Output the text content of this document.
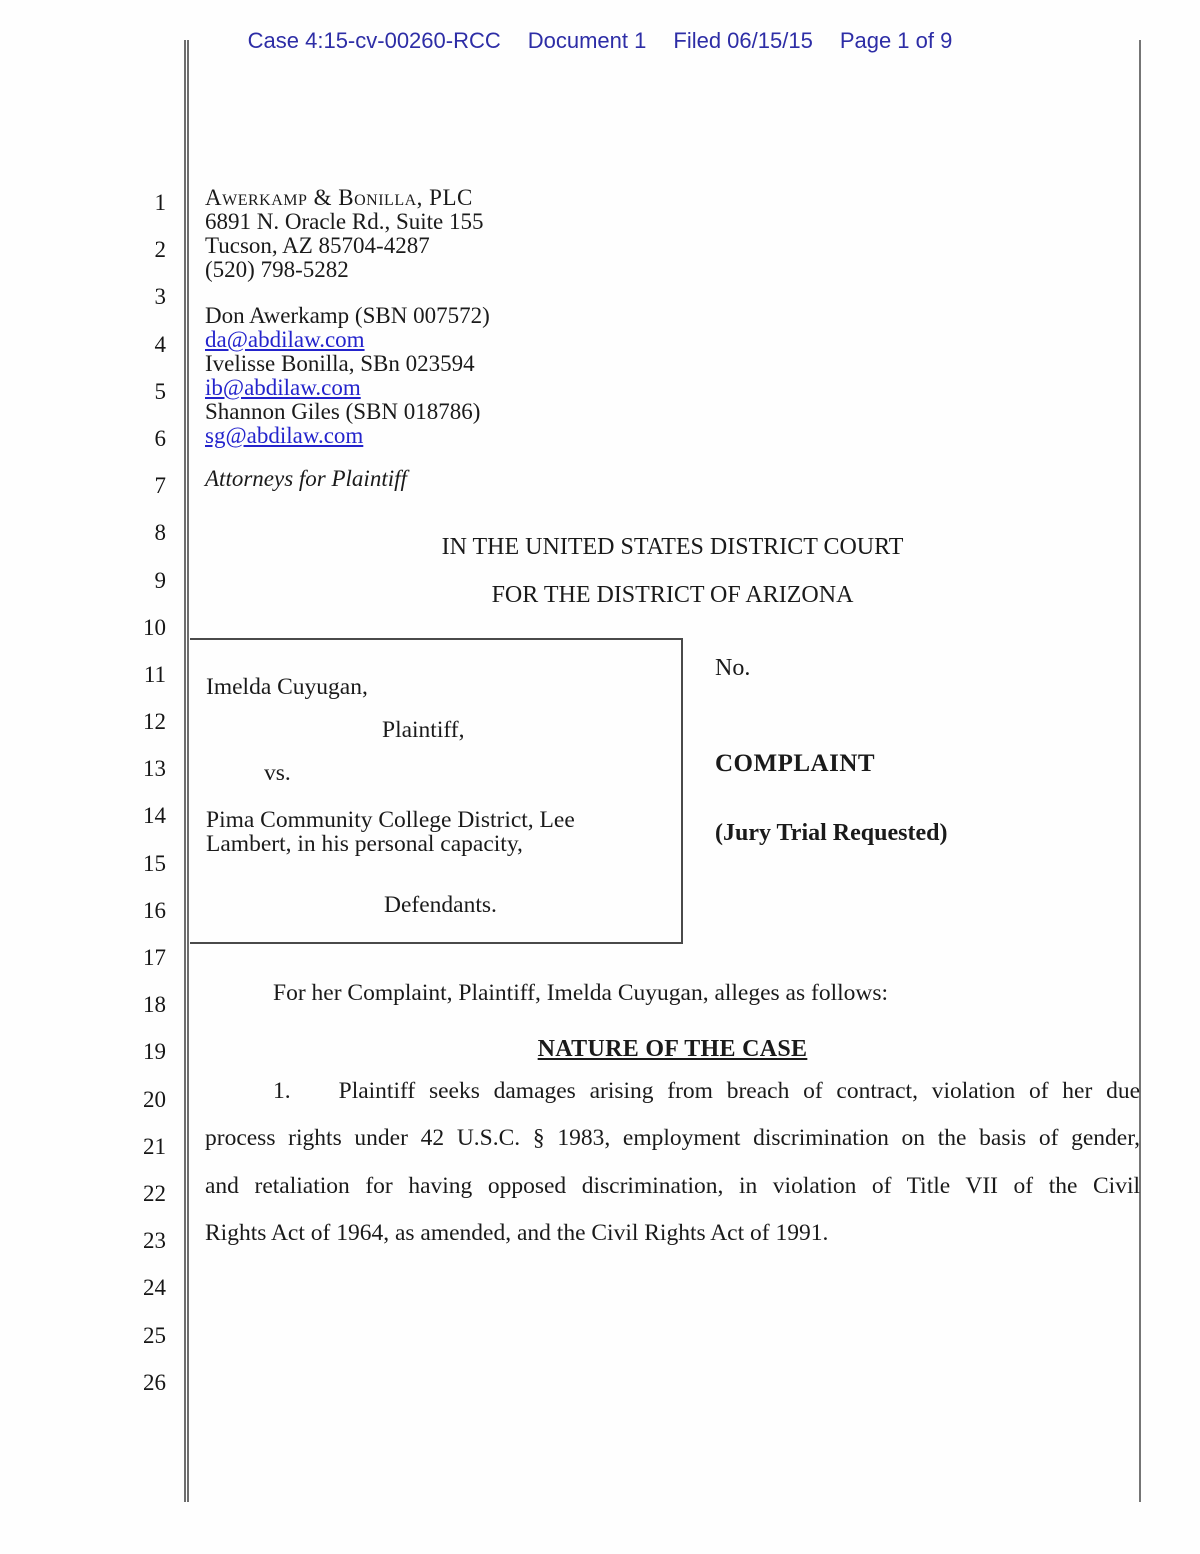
Case 4:15-cv-00260-RCC Document 1 Filed 06/15/15 Page 1 of 9
1
2
3
4
5
6
7
8
9
10
11
12
13
14
15
16
17
18
19
20
21
22
23
24
25
26
Awerkamp & Bonilla, PLC
6891 N. Oracle Rd., Suite 155
Tucson, AZ 85704-4287
(520) 798-5282
Don Awerkamp (SBN 007572)
da@abdilaw.com
Ivelisse Bonilla, SBn 023594
ib@abdilaw.com
Shannon Giles (SBN 018786)
sg@abdilaw.com
Attorneys for Plaintiff
IN THE UNITED STATES DISTRICT COURT
FOR THE DISTRICT OF ARIZONA
For her Complaint, Plaintiff, Imelda Cuyugan, alleges as follows:
NATURE OF THE CASE
1. Plaintiff seeks damages arising from breach of contract, violation of her due
process rights under 42 U.S.C. § 1983, employment discrimination on the basis of gender,
and retaliation for having opposed discrimination, in violation of Title VII of the Civil
Rights Act of 1964, as amended, and the Civil Rights Act of 1991.
Imelda Cuyugan,
Plaintiff,
vs.
Pima Community College District, Lee
Lambert, in his personal capacity,
Defendants.
No.
COMPLAINT
(Jury Trial Requested)
